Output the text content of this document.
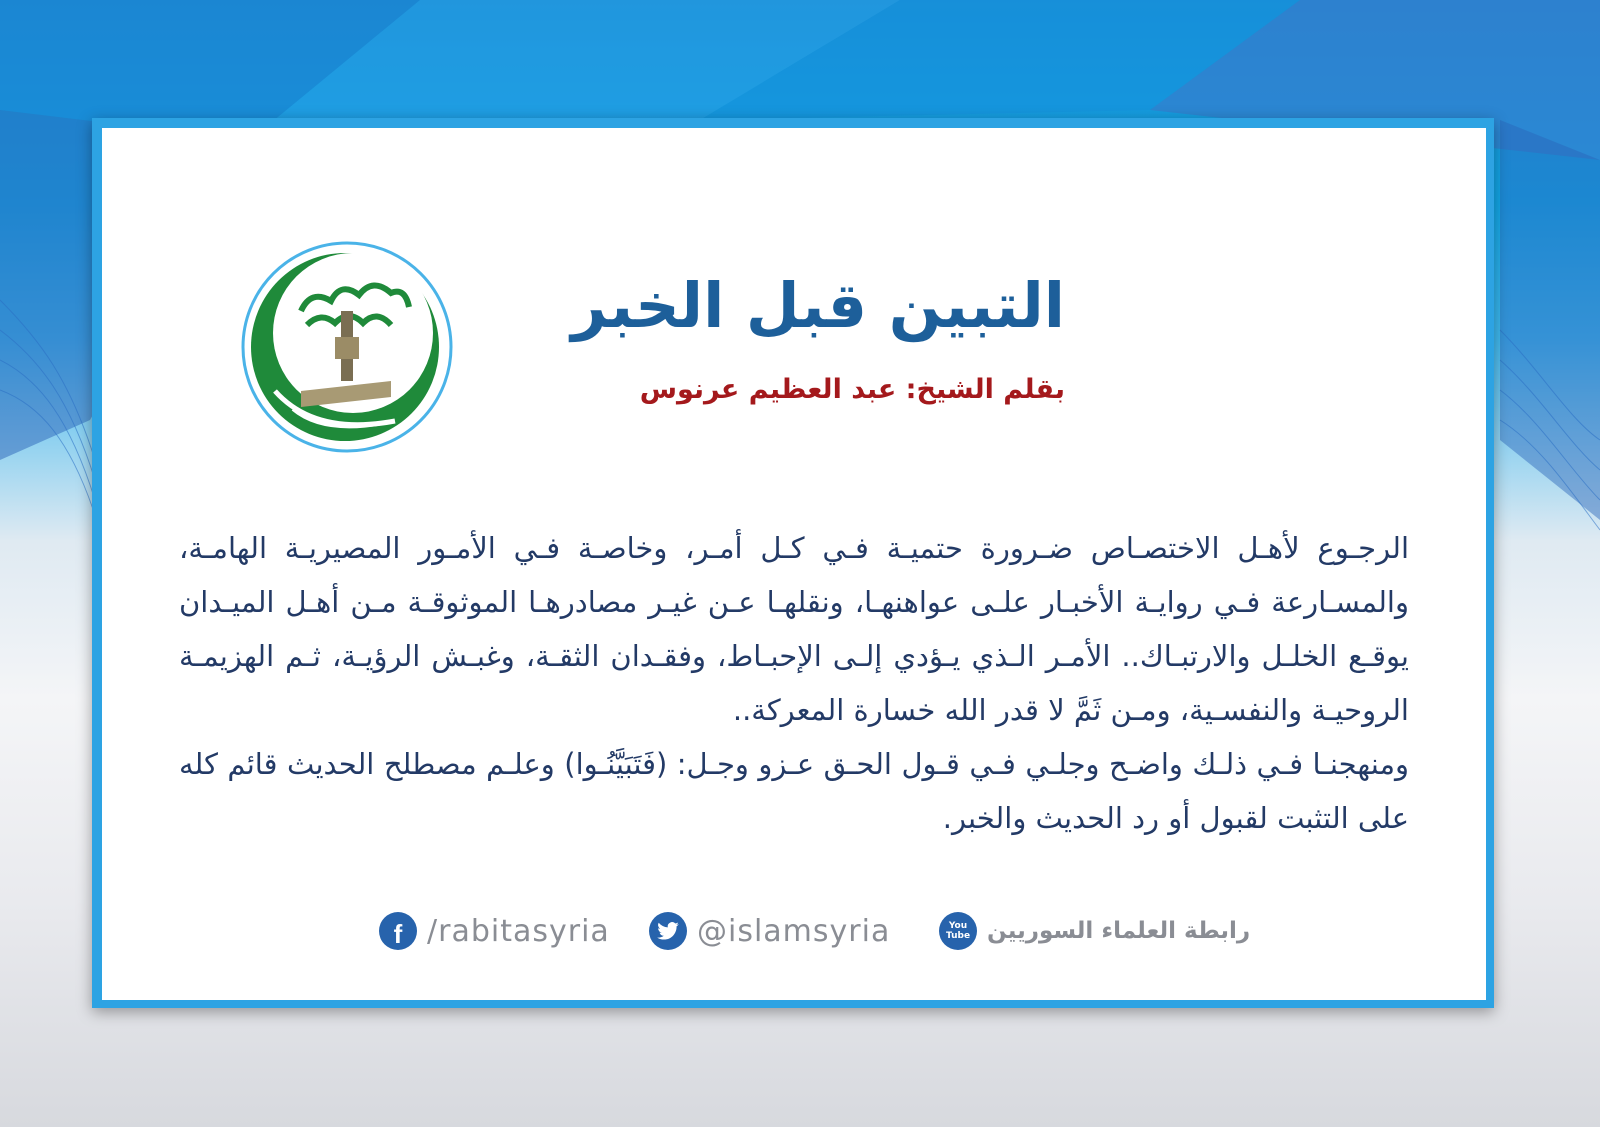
التبين قبل الخبر
بقلم الشيخ: عبد العظيم عرنوس

الرجـوع لأهـل الاختصـاص ضـرورة حتميـة فـي كـل أمـر، وخاصـة فـي الأمـور المصيريـة الهامـة، والمسـارعة فـي روايـة الأخبـار علـى عواهنهـا، ونقلهـا عـن غيـر مصادرهـا الموثوقـة مـن أهـل الميـدان يوقـع الخلـل والارتبـاك.. الأمـر الـذي يـؤدي إلـى الإحبـاط، وفقـدان الثقـة، وغبـش الرؤيـة، ثـم الهزيمـة الروحيـة والنفسـية، ومـن ثَمَّ لا قدر الله خسارة المعركة..

ومنهجنـا فـي ذلـك واضـح وجلـي فـي قـول الحـق عـزو وجـل: (فَتَبَيَّنُـوا) وعلـم مصطلح الحديث قائم كله على التثبت لقبول أو رد الحديث والخبر.

You Tube رابطة العلماء السوريين
@islamsyria
f /rabitasyria
